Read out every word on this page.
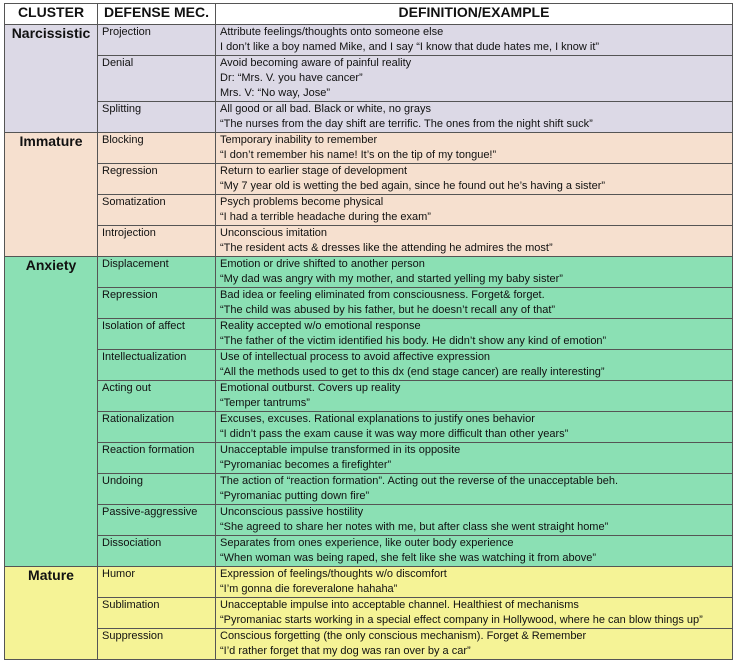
CLUSTER	DEFENSE MEC.	DEFINITION/EXAMPLE
Narcissistic	Projection	Attribute feelings/thoughts onto someone else
I don’t like a boy named Mike, and I say “I know that dude hates me, I know it”

	Denial	Avoid becoming aware of painful reality
Dr: “Mrs. V. you have cancer”
Mrs. V: “No way, Jose”

	Splitting	All good or all bad. Black or white, no grays
“The nurses from the day shift are terrific. The ones from the night shift suck”

Immature	Blocking	Temporary inability to remember
“I don’t remember his name! It’s on the tip of my tongue!”

	Regression	Return to earlier stage of development
“My 7 year old is wetting the bed again, since he found out he’s having a sister”

	Somatization	Psych problems become physical
“I had a terrible headache during the exam”

	Introjection	Unconscious imitation
“The resident acts & dresses like the attending he admires the most”

Anxiety	Displacement	Emotion or drive shifted to another person
“My dad was angry with my mother, and started yelling my baby sister”

	Repression	Bad idea or feeling eliminated from consciousness. Forget& forget.
“The child was abused by his father, but he doesn’t recall any of that”

	Isolation of affect	Reality accepted w/o emotional response
“The father of the victim identified his body. He didn’t show any kind of emotion”

	Intellectualization	Use of intellectual process to avoid affective expression
“All the methods used to get to this dx (end stage cancer) are really interesting”

	Acting out	Emotional outburst. Covers up reality
“Temper tantrums”

	Rationalization	Excuses, excuses. Rational explanations to justify ones behavior
“I didn’t pass the exam cause it was way more difficult than other years”

	Reaction formation	Unacceptable impulse transformed in its opposite
“Pyromaniac becomes a firefighter”

	Undoing	The action of “reaction formation”. Acting out the reverse of the unacceptable beh.
“Pyromaniac putting down fire”

	Passive-aggressive	Unconscious passive hostility
“She agreed to share her notes with me, but after class she went straight home”

	Dissociation	Separates from ones experience, like outer body experience
“When woman was being raped, she felt like she was watching it from above”

Mature	Humor	Expression of feelings/thoughts w/o discomfort
“I’m gonna die foreveralone hahaha”

	Sublimation	Unacceptable impulse into acceptable channel. Healthiest of mechanisms
“Pyromaniac starts working in a special effect company in Hollywood, where he can blow things up”

	Suppression	Conscious forgetting (the only conscious mechanism). Forget & Remember
“I’d rather forget that my dog was ran over by a car”
